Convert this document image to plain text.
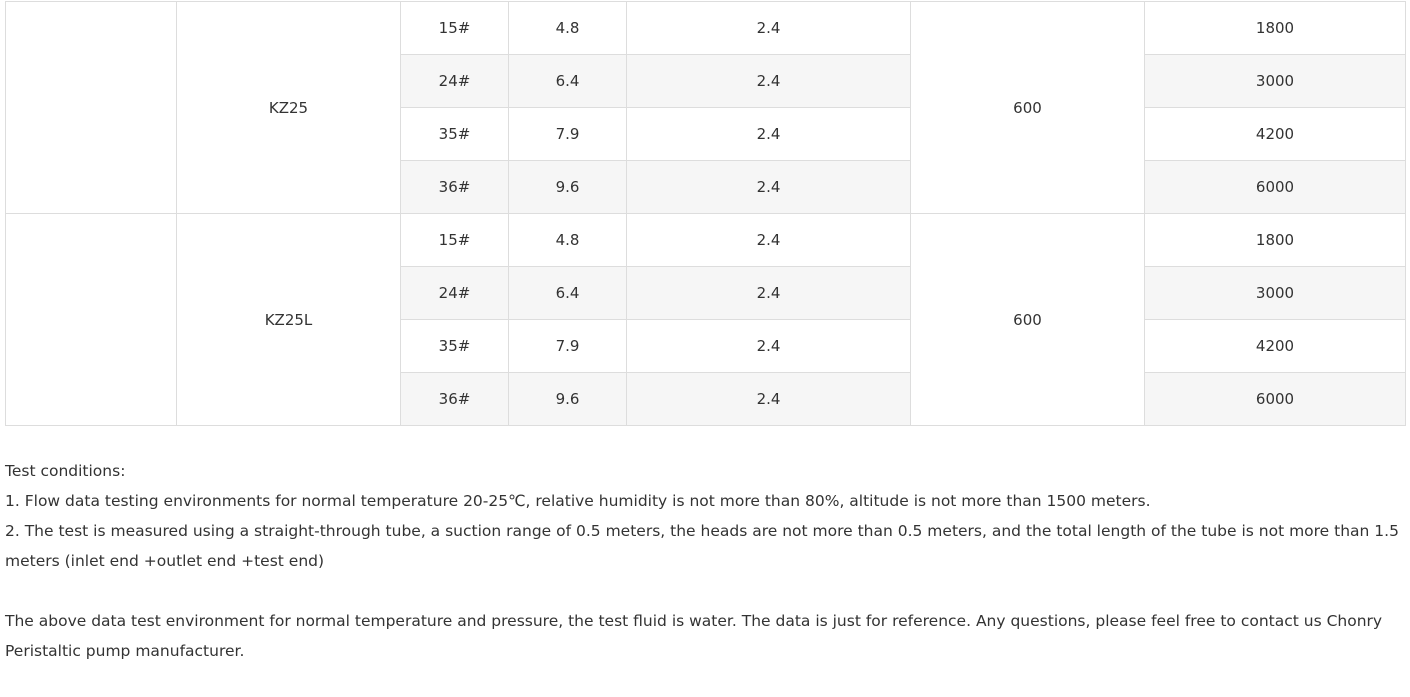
	KZ25	15#	4.8	2.4	600	1800
		24#	6.4	2.4		3000
		35#	7.9	2.4		4200
		36#	9.6	2.4		6000
	KZ25L	15#	4.8	2.4	600	1800
		24#	6.4	2.4		3000
		35#	7.9	2.4		4200
		36#	9.6	2.4		6000

Test conditions:

1. Flow data testing environments for normal temperature 20-25℃, relative humidity is not more than 80%, altitude is not more than 1500 meters.

2. The test is measured using a straight-through tube, a suction range of 0.5 meters, the heads are not more than 0.5 meters, and the total length of the tube is not more than 1.5 meters (inlet end +outlet end +test end)

The above data test environment for normal temperature and pressure, the test fluid is water. The data is just for reference. Any questions, please feel free to contact us Chonry Peristaltic pump manufacturer.
